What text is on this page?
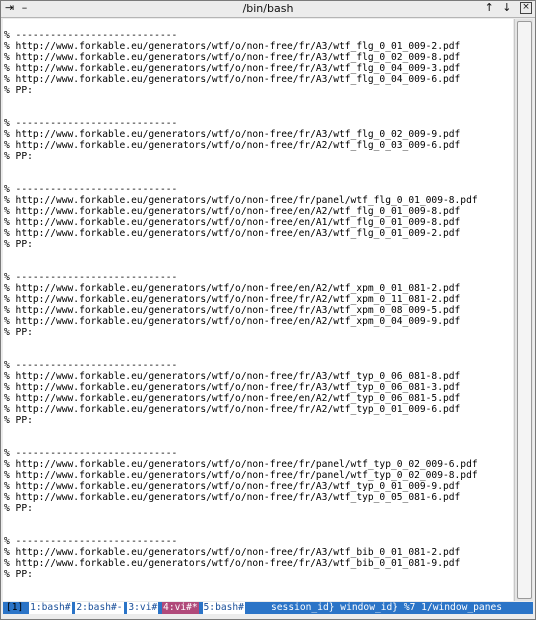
⇥ –	/bin/bash	↑ ↓ ×
% ----------------------------
% http://www.forkable.eu/generators/wtf/o/non-free/fr/A3/wtf_flg_0_01_009-2.pdf
% http://www.forkable.eu/generators/wtf/o/non-free/fr/A3/wtf_flg_0_02_009-8.pdf
% http://www.forkable.eu/generators/wtf/o/non-free/fr/A3/wtf_flg_0_04_009-3.pdf
% http://www.forkable.eu/generators/wtf/o/non-free/fr/A3/wtf_flg_0_04_009-6.pdf
% PP:
% ----------------------------
% http://www.forkable.eu/generators/wtf/o/non-free/fr/A3/wtf_flg_0_02_009-9.pdf
% http://www.forkable.eu/generators/wtf/o/non-free/fr/A2/wtf_flg_0_03_009-6.pdf
% PP:
% ----------------------------
% http://www.forkable.eu/generators/wtf/o/non-free/fr/panel/wtf_flg_0_01_009-8.pdf
% http://www.forkable.eu/generators/wtf/o/non-free/en/A2/wtf_flg_0_01_009-8.pdf
% http://www.forkable.eu/generators/wtf/o/non-free/en/A1/wtf_flg_0_01_009-8.pdf
% http://www.forkable.eu/generators/wtf/o/non-free/en/A3/wtf_flg_0_01_009-2.pdf
% PP:
% ----------------------------
% http://www.forkable.eu/generators/wtf/o/non-free/en/A2/wtf_xpm_0_01_081-2.pdf
% http://www.forkable.eu/generators/wtf/o/non-free/fr/A2/wtf_xpm_0_11_081-2.pdf
% http://www.forkable.eu/generators/wtf/o/non-free/fr/A3/wtf_xpm_0_08_009-5.pdf
% http://www.forkable.eu/generators/wtf/o/non-free/en/A2/wtf_xpm_0_04_009-9.pdf
% PP:
% ----------------------------
% http://www.forkable.eu/generators/wtf/o/non-free/fr/A3/wtf_typ_0_06_081-8.pdf
% http://www.forkable.eu/generators/wtf/o/non-free/fr/A3/wtf_typ_0_06_081-3.pdf
% http://www.forkable.eu/generators/wtf/o/non-free/en/A2/wtf_typ_0_06_081-5.pdf
% http://www.forkable.eu/generators/wtf/o/non-free/fr/A2/wtf_typ_0_01_009-6.pdf
% PP:
% ----------------------------
% http://www.forkable.eu/generators/wtf/o/non-free/fr/panel/wtf_typ_0_02_009-6.pdf
% http://www.forkable.eu/generators/wtf/o/non-free/fr/panel/wtf_typ_0_02_009-8.pdf
% http://www.forkable.eu/generators/wtf/o/non-free/fr/A3/wtf_typ_0_01_009-9.pdf
% http://www.forkable.eu/generators/wtf/o/non-free/fr/A3/wtf_typ_0_05_081-6.pdf
% PP:
% ----------------------------
% http://www.forkable.eu/generators/wtf/o/non-free/fr/A3/wtf_bib_0_01_081-2.pdf
% http://www.forkable.eu/generators/wtf/o/non-free/fr/A3/wtf_bib_0_01_081-9.pdf
% PP:

[1]

1:bash# 2:bash#- 3:vi# 4:vi#* 5:bash#	session_id} window_id} %7 1/window_panes
